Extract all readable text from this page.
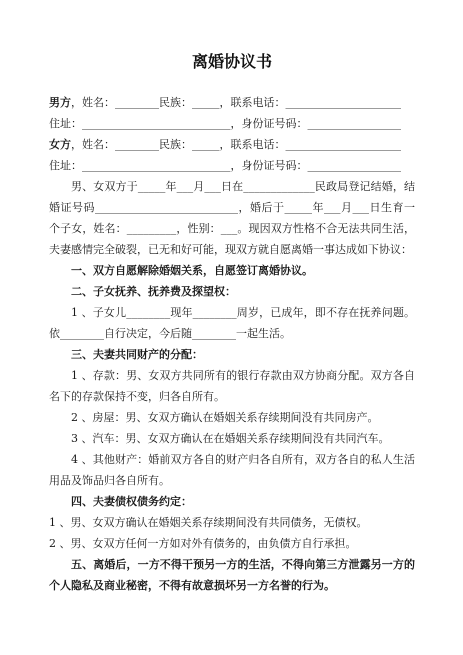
离婚协议书

男方，姓名：________民族：_____，联系电话：_____________________

住址：___________________________，身份证号码：_________________

女方，姓名：________民族：_____，联系电话：_____________________

住址：___________________________，身份证号码：_________________

男、女双方于_____年___月___日在_____________民政局登记结婚，结婚证号码__________________________，婚后于_____年___月___日生育一个子女，姓名：_________，性别：___。现因双方性格不合无法共同生活，夫妻感情完全破裂，已无和好可能，现双方就自愿离婚一事达成如下协议：

一、双方自愿解除婚姻关系，自愿签订离婚协议。

二、子女抚养、抚养费及探望权：

1 、子女儿________现年________周岁，已成年，即不存在抚养问题。依________自行决定，今后随________一起生活。

三、夫妻共同财产的分配：

1 、存款：男、女双方共同所有的银行存款由双方协商分配。双方各自名下的存款保持不变，归各自所有。

2 、房屋：男、女双方确认在婚姻关系存续期间没有共同房产。

3 、汽车：男、女双方确认在在婚姻关系存续期间没有共同汽车。

4 、其他财产：婚前双方各自的财产归各自所有，双方各自的私人生活用品及饰品归各自所有。

四、夫妻债权债务约定：

1 、男、女双方确认在婚姻关系存续期间没有共同债务，无债权。

2 、男、女双方任何一方如对外有债务的，由负债方自行承担。

五、离婚后，一方不得干预另一方的生活，不得向第三方泄露另一方的个人隐私及商业秘密，不得有故意损坏另一方名誉的行为。
